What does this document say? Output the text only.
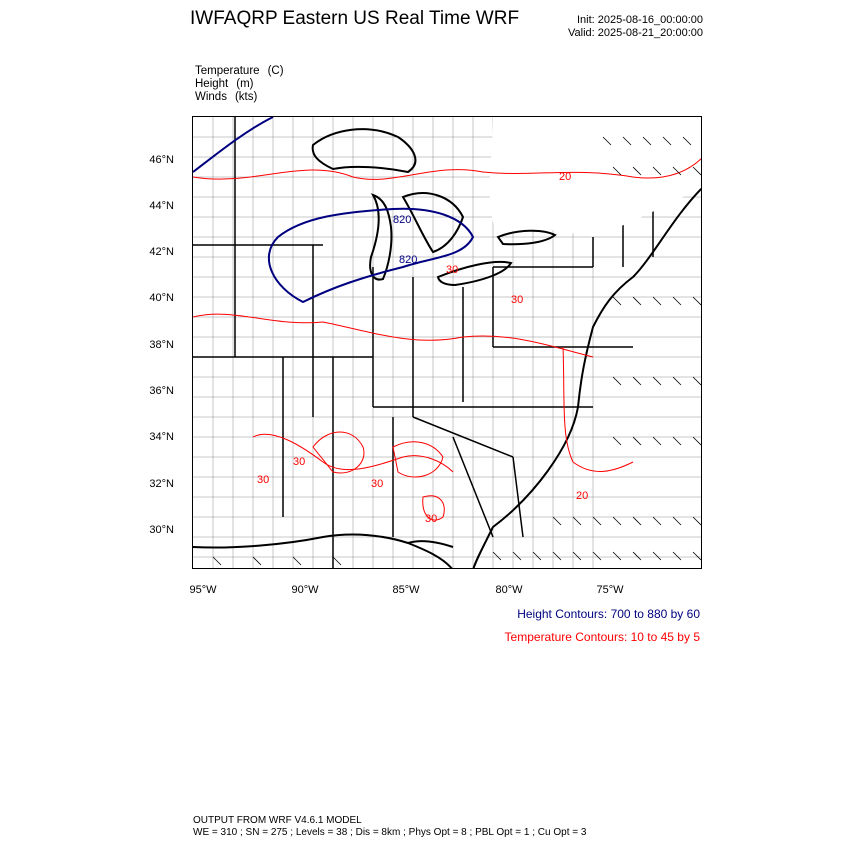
IWFAQRP Eastern US Real Time WRF	Init: 2025-08-16_00:00:00
Valid: 2025-08-21_20:00:00
Temperature (C)
Height (m)
Winds (kts)
820
820
20
20
30
30	30
30
30
30
46°N
44°N
42°N
40°N
38°N
36°N
34°N
32°N
30°N
95°W	90°W	85°W	80°W	75°W
Height Contours: 700 to 880 by 60
Temperature Contours: 10 to 45 by 5
OUTPUT FROM WRF V4.6.1 MODEL
WE = 310 ; SN = 275 ; Levels = 38 ; Dis = 8km ; Phys Opt = 8 ; PBL Opt = 1 ; Cu Opt = 3
